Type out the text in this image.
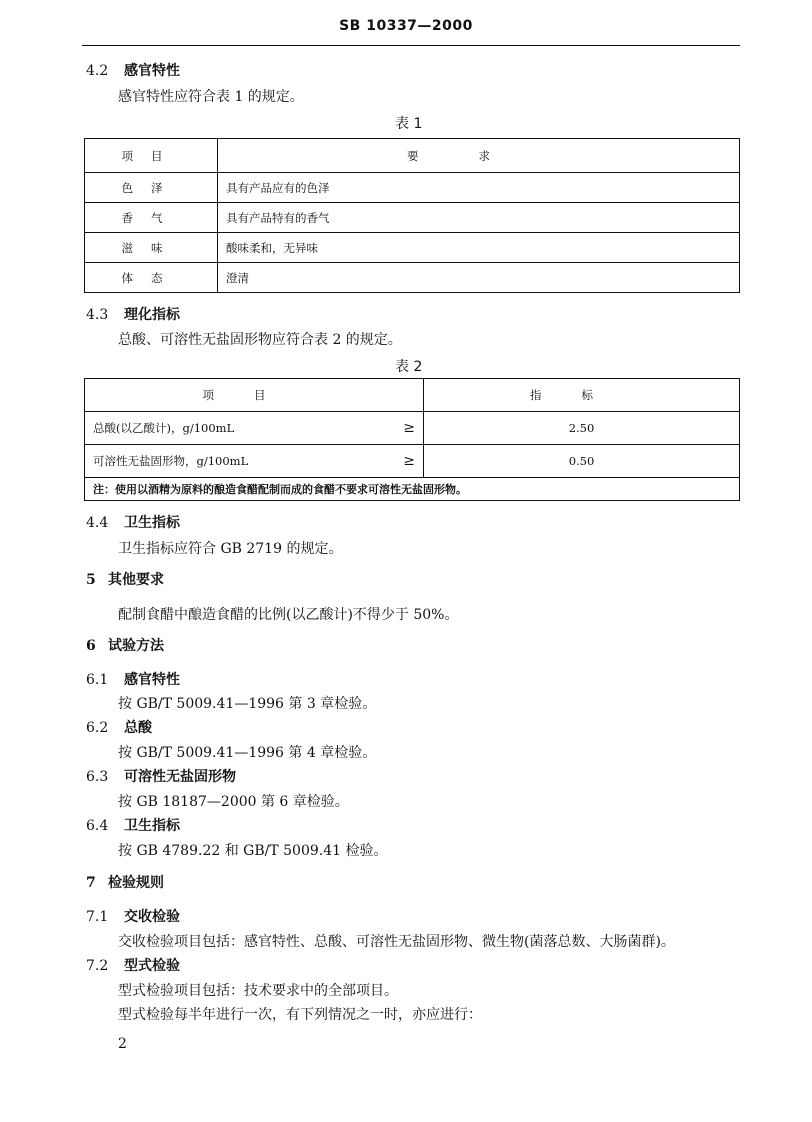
SB 10337—2000
4.2 感官特性
感官特性应符合表 1 的规定。
表 1
项目	要求
色泽	具有产品应有的色泽
香气	具有产品特有的香气
滋味	酸味柔和，无异味
体态	澄清
4.3 理化指标
总酸、可溶性无盐固形物应符合表 2 的规定。
表 2
项目		指标
总酸(以乙酸计)，g/100mL	≥	2.50
可溶性无盐固形物，g/100mL	≥	0.50
注：使用以酒精为原料的酿造食醋配制而成的食醋不要求可溶性无盐固形物。		
4.4 卫生指标
卫生指标应符合 GB 2719 的规定。
5 其他要求
配制食醋中酿造食醋的比例(以乙酸计)不得少于 50%。
6 试验方法
6.1 感官特性
按 GB/T 5009.41—1996 第 3 章检验。
6.2 总酸
按 GB/T 5009.41—1996 第 4 章检验。
6.3 可溶性无盐固形物
按 GB 18187—2000 第 6 章检验。
6.4 卫生指标
按 GB 4789.22 和 GB/T 5009.41 检验。
7 检验规则
7.1 交收检验
交收检验项目包括：感官特性、总酸、可溶性无盐固形物、微生物(菌落总数、大肠菌群)。
7.2 型式检验
型式检验项目包括：技术要求中的全部项目。
型式检验每半年进行一次，有下列情况之一时，亦应进行：
2
